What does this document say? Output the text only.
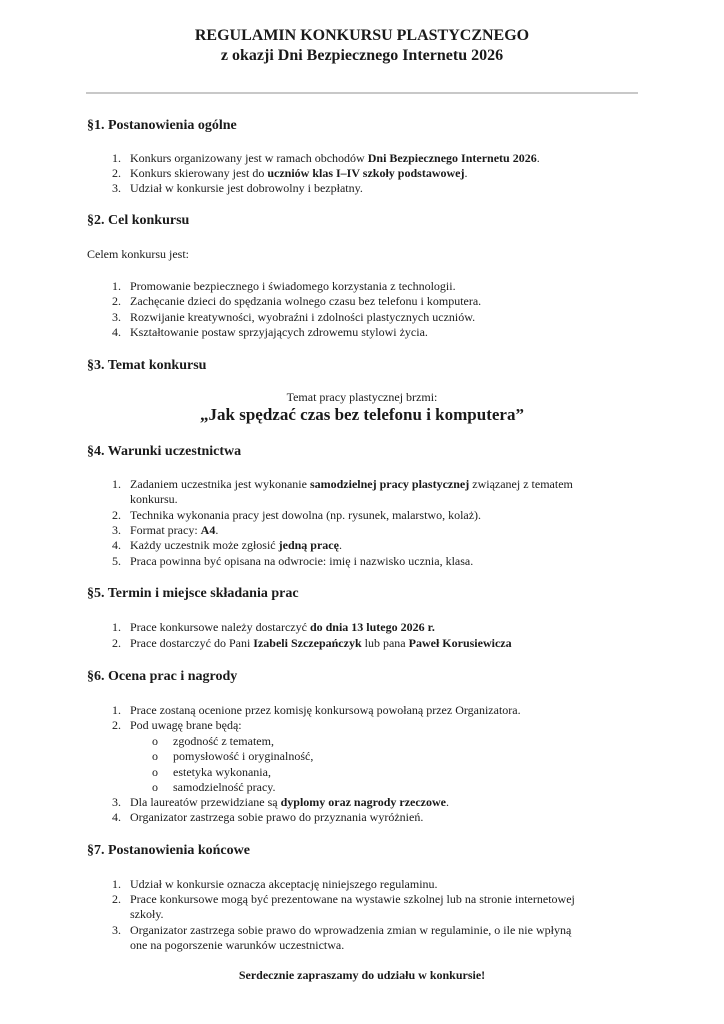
REGULAMIN KONKURSU PLASTYCZNEGO
z okazji Dni Bezpiecznego Internetu 2026
§1. Postanowienia ogólne
1. Konkurs organizowany jest w ramach obchodów Dni Bezpiecznego Internetu 2026.
2. Konkurs skierowany jest do uczniów klas I–IV szkoły podstawowej.
3. Udział w konkursie jest dobrowolny i bezpłatny.
§2. Cel konkursu
Celem konkursu jest:
1. Promowanie bezpiecznego i świadomego korzystania z technologii.
2. Zachęcanie dzieci do spędzania wolnego czasu bez telefonu i komputera.
3. Rozwijanie kreatywności, wyobraźni i zdolności plastycznych uczniów.
4. Kształtowanie postaw sprzyjających zdrowemu stylowi życia.
§3. Temat konkursu
Temat pracy plastycznej brzmi:
„Jak spędzać czas bez telefonu i komputera”
§4. Warunki uczestnictwa
1. Zadaniem uczestnika jest wykonanie samodzielnej pracy plastycznej związanej z tematem
konkursu.
2. Technika wykonania pracy jest dowolna (np. rysunek, malarstwo, kolaż).
3. Format pracy: A4.
4. Każdy uczestnik może zgłosić jedną pracę.
5. Praca powinna być opisana na odwrocie: imię i nazwisko ucznia, klasa.
§5. Termin i miejsce składania prac
1. Prace konkursowe należy dostarczyć do dnia 13 lutego 2026 r.
2. Prace dostarczyć do Pani Izabeli Szczepańczyk lub pana Paweł Korusiewicza
§6. Ocena prac i nagrody
1. Prace zostaną ocenione przez komisję konkursową powołaną przez Organizatora.
2. Pod uwagę brane będą:
o zgodność z tematem,
o pomysłowość i oryginalność,
o estetyka wykonania,
o samodzielność pracy.
3. Dla laureatów przewidziane są dyplomy oraz nagrody rzeczowe.
4. Organizator zastrzega sobie prawo do przyznania wyróżnień.
§7. Postanowienia końcowe
1. Udział w konkursie oznacza akceptację niniejszego regulaminu.
2. Prace konkursowe mogą być prezentowane na wystawie szkolnej lub na stronie internetowej
szkoły.
3. Organizator zastrzega sobie prawo do wprowadzenia zmian w regulaminie, o ile nie wpłyną
one na pogorszenie warunków uczestnictwa.
Serdecznie zapraszamy do udziału w konkursie!
